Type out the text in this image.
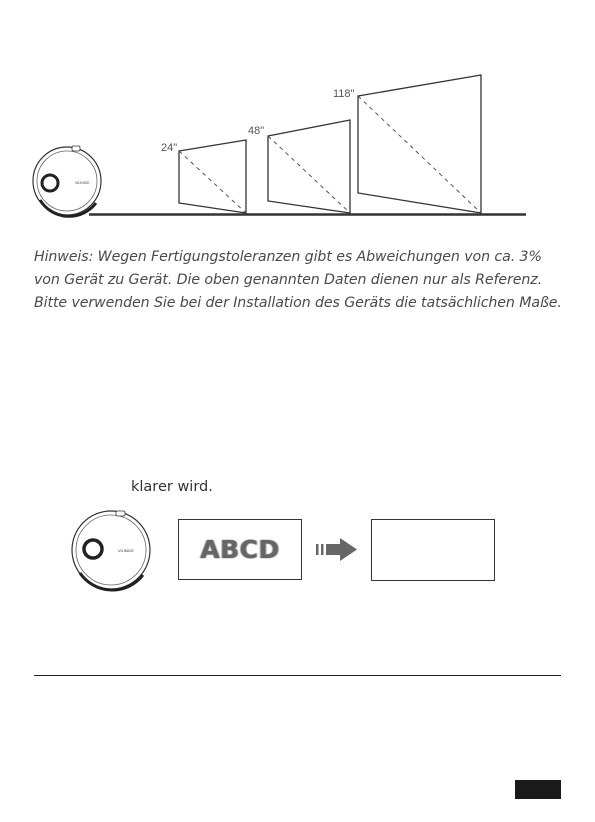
VILINICE
24"
48"
118"
VILINICE
Hinweis: Wegen Fertigungstoleranzen gibt es Abweichungen von ca. 3% von Gerät zu Gerät. Die oben genannten Daten dienen nur als Referenz. Bitte verwenden Sie bei der Installation des Geräts die tatsächlichen Maße.
klarer wird.
ABCD
